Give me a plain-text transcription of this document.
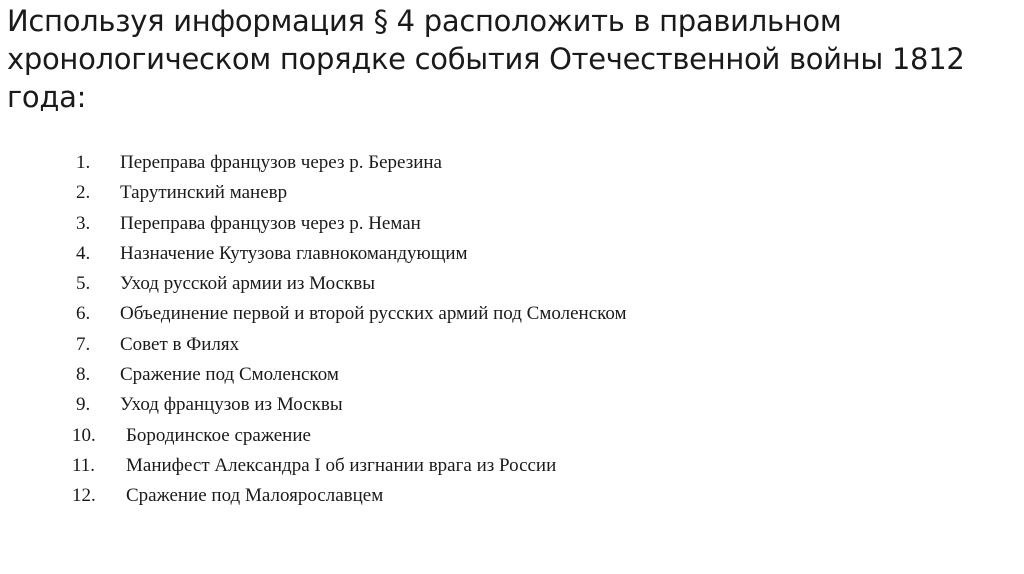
Используя информация § 4 расположить в правильном хронологическом порядке события Отечественной войны 1812 года:
1. Переправа французов через р. Березина
2. Тарутинский маневр
3. Переправа французов через р. Неман
4. Назначение Кутузова главнокомандующим
5. Уход русской армии из Москвы
6. Объединение первой и второй русских армий под Смоленском
7. Совет в Филях
8. Сражение под Смоленском
9. Уход французов из Москвы
10. Бородинское сражение
11. Манифест Александра I об изгнании врага из России
12. Сражение под Малоярославцем
